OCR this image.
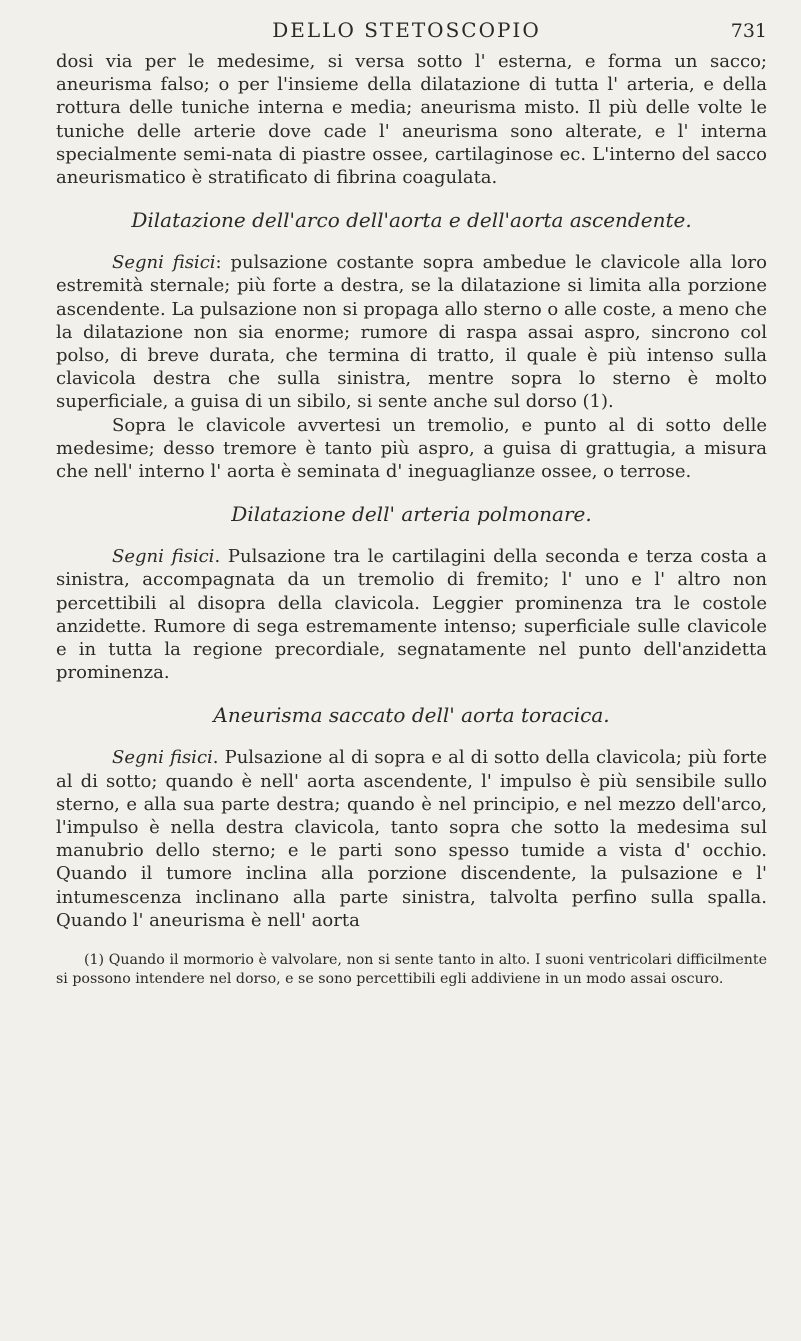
DELLO STETOSCOPIO	731

dosi via per le medesime, si versa sotto l' esterna, e forma un sacco; aneurisma falso; o per l'insieme della dilatazione di tutta l' arteria, e della rottura delle tuniche interna e media; aneurisma misto. Il più delle volte le tuniche delle arterie dove cade l' aneurisma sono alterate, e l' interna specialmente semi-nata di piastre ossee, cartilaginose ec. L'interno del sacco aneurismatico è stratificato di fibrina coagulata.

Dilatazione dell'arco dell'aorta e dell'aorta ascendente.

Segni fisici: pulsazione costante sopra ambedue le clavicole alla loro estremità sternale; più forte a destra, se la dilatazione si limita alla porzione ascendente. La pulsazione non si propaga allo sterno o alle coste, a meno che la dilatazione non sia enorme; rumore di raspa assai aspro, sincrono col polso, di breve durata, che termina di tratto, il quale è più intenso sulla clavicola destra che sulla sinistra, mentre sopra lo sterno è molto superficiale, a guisa di un sibilo, si sente anche sul dorso (1).

Sopra le clavicole avvertesi un tremolio, e punto al di sotto delle medesime; desso tremore è tanto più aspro, a guisa di grattugia, a misura che nell' interno l' aorta è seminata d' ineguaglianze ossee, o terrose.

Dilatazione dell' arteria polmonare.

Segni fisici. Pulsazione tra le cartilagini della seconda e terza costa a sinistra, accompagnata da un tremolio di fremito; l' uno e l' altro non percettibili al disopra della clavicola. Leggier prominenza tra le costole anzidette. Rumore di sega estremamente intenso; superficiale sulle clavicole e in tutta la regione precordiale, segnatamente nel punto dell'anzidetta prominenza.

Aneurisma saccato dell' aorta toracica.

Segni fisici. Pulsazione al di sopra e al di sotto della clavicola; più forte al di sotto; quando è nell' aorta ascendente, l' impulso è più sensibile sullo sterno, e alla sua parte destra; quando è nel principio, e nel mezzo dell'arco, l'impulso è nella destra clavicola, tanto sopra che sotto la medesima sul manubrio dello sterno; e le parti sono spesso tumide a vista d' occhio. Quando il tumore inclina alla porzione discendente, la pulsazione e l' intumescenza inclinano alla parte sinistra, talvolta perfino sulla spalla. Quando l' aneurisma è nell' aorta

(1) Quando il mormorio è valvolare, non si sente tanto in alto. I suoni ventricolari difficilmente si possono intendere nel dorso, e se sono percettibili egli addiviene in un modo assai oscuro.
